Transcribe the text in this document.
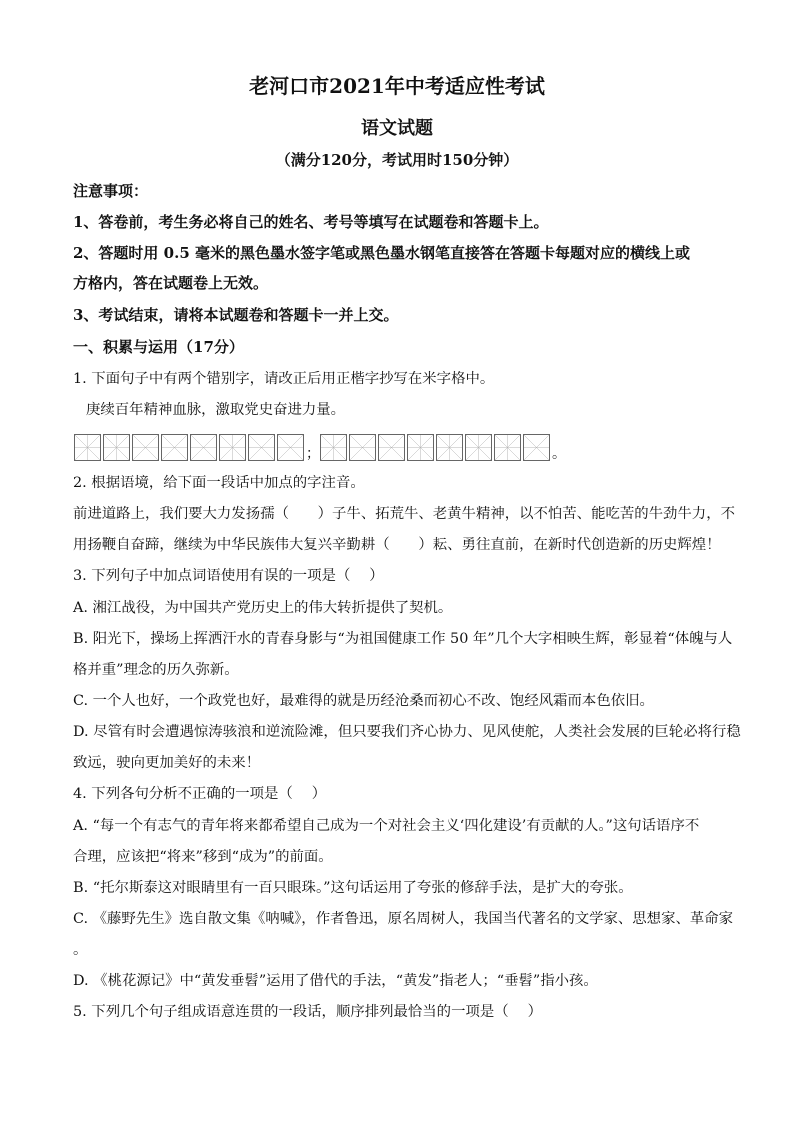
老河口市2021年中考适应性考试
语文试题
（满分120分，考试用时150分钟）
注意事项：
1、答卷前，考生务必将自己的姓名、考号等填写在试题卷和答题卡上。
2、答题时用 0.5 毫米的黑色墨水签字笔或黑色墨水钢笔直接答在答题卡每题对应的横线上或
方格内，答在试题卷上无效。
3、考试结束，请将本试题卷和答题卡一并上交。
一、积累与运用（17分）
1. 下面句子中有两个错别字，请改正后用正楷字抄写在米字格中。
庚续百年精神血脉，激取党史奋进力量。
；	。
2. 根据语境，给下面一段话中加点的字注音。
前进道路上，我们要大力发扬孺（　　）子牛、拓荒牛、老黄牛精神，以不怕苦、能吃苦的牛劲牛力，不
用扬鞭自奋蹄，继续为中华民族伟大复兴辛勤耕（　　）耘、勇往直前，在新时代创造新的历史辉煌！
3. 下列句子中加点词语使用有误的一项是（　 ）
A. 湘江战役，为中国共产党历史上的伟大转折提供了契机。
B. 阳光下，操场上挥洒汗水的青春身影与“为祖国健康工作 50 年”几个大字相映生辉，彰显着“体魄与人
格并重”理念的历久弥新。
C. 一个人也好，一个政党也好，最难得的就是历经沧桑而初心不改、饱经风霜而本色依旧。
D. 尽管有时会遭遇惊涛骇浪和逆流险滩，但只要我们齐心协力、见风使舵，人类社会发展的巨轮必将行稳
致远，驶向更加美好的未来！
4. 下列各句分析不正确的一项是（　 ）
A. “每一个有志气的青年将来都希望自己成为一个对社会主义‘四化建设’有贡献的人。”这句话语序不
合理，应该把“将来”移到“成为”的前面。
B. “托尔斯泰这对眼睛里有一百只眼珠。”这句话运用了夸张的修辞手法，是扩大的夸张。
C. 《藤野先生》选自散文集《呐喊》，作者鲁迅，原名周树人，我国当代著名的文学家、思想家、革命家
。
D. 《桃花源记》中“黄发垂髫”运用了借代的手法，“黄发”指老人；“垂髫”指小孩。
5. 下列几个句子组成语意连贯的一段话，顺序排列最恰当的一项是（　 ）
